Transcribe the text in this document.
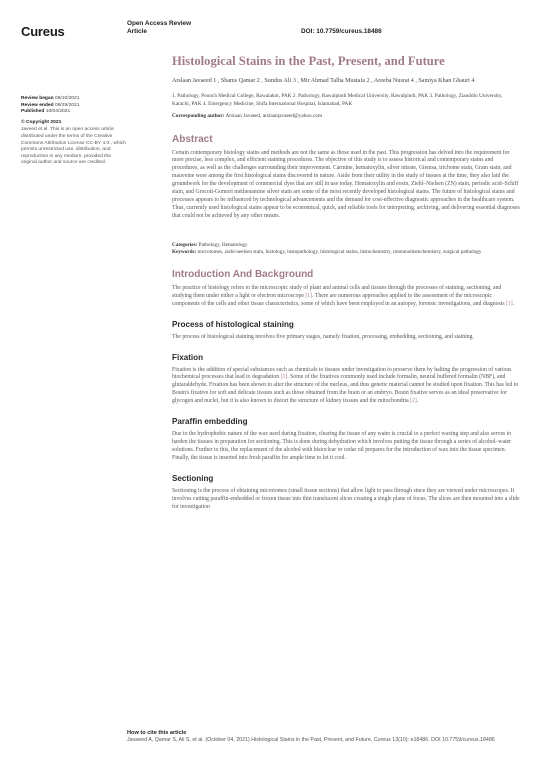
Cureus
Open Access Review
Article	DOI: 10.7759/cureus.18486
Review began 09/10/2021
Review ended 09/29/2021
Published 10/04/2021
© Copyright 2021
Javeed et al. This is an open access article distributed under the terms of the Creative Commons Attribution License CC-BY 4.0., which permits unrestricted use, distribution, and reproduction in any medium, provided the original author and source are credited.
Histological Stains in the Past, Present, and Future
Arslaan Javaeed 1 , Shams Qamar 2 , Sundus Ali 3 , Mir Ahmad Talha Mustafa 2 , Areeba Nusrat 4 , Samiya Khan Ghauri 4
1. Pathology, Poonch Medical College, Rawalakot, PAK 2. Pathology, Rawalpindi Medical University, Rawalpindi, PAK 3. Pathology, Ziauddin University, Karachi, PAK 4. Emergency Medicine, Shifa International Hospital, Islamabad, PAK
Corresponding author: Arslaan Javaeed, arslaanjavaeed@yahoo.com
Abstract

Certain contemporary histology stains and methods are not the same as those used in the past. This progression has delved into the requirement for more precise, less complex, and efficient staining procedures. The objective of this study is to assess historical and contemporary stains and procedures, as well as the challenges surrounding their improvement. Carmine, hematoxylin, silver nitrate, Giemsa, trichome stain, Gram stain, and mauveine were among the first histological stains discovered in nature. Aside from their utility in the study of tissues at the time, they also laid the groundwork for the development of commercial dyes that are still in use today. Hematoxylin and eosin, Ziehl–Nielsen (ZN) stain, periodic acid–Schiff stain, and Grocott-Gomori methenamine silver stain are some of the most recently developed histological stains. The future of histological stains and processes appears to be influenced by technological advancements and the demand for cost-effective diagnostic approaches in the healthcare system. Thus, currently used histological stains appear to be economical, quick, and reliable tools for interpreting, archiving, and delivering essential diagnoses that could not be achieved by any other means.

Categories: Pathology, Hematology
Keywords: microtomes, ziehl-neelsen stain, histology, histopathology, histological stains, histochemistry, immunohistochemistry, surgical pathology
Introduction And Background

The practice of histology refers to the microscopic study of plant and animal cells and tissues through the processes of staining, sectioning, and studying them under either a light or electron microscope [1]. There are numerous approaches applied to the assessment of the microscopic components of the cells and other tissue characteristics, some of which have been employed in an autopsy, forensic investigations, and diagnosis [1].

Process of histological staining

The process of histological staining involves five primary stages, namely fixation, processing, embedding, sectioning, and staining.

Fixation

Fixation is the addition of special substances such as chemicals to tissues under investigation to preserve them by halting the progression of various biochemical processes that lead to degradation [1]. Some of the fixatives commonly used include formalin, neutral buffered formalin (NBF), and glutaraldehyde. Fixation has been shown to alter the structure of the nucleus, and thus genetic material cannot be studied upon fixation. This has led to Bouin's fixative for soft and delicate tissues such as those obtained from the brain or an embryo. Bouin fixative serves as an ideal preservative for glycogen and nuclei, but it is also known to distort the structure of kidney tissues and the mitochondria [2].

Paraffin embedding

Due to the hydrophobic nature of the wax used during fixation, clearing the tissue of any water is crucial to a perfect waxing step and also serves to harden the tissues in preparation for sectioning. This is done during dehydration which involves putting the tissue through a series of alcohol–water solutions. Further to this, the replacement of the alcohol with histoclear or cedar oil prepares for the introduction of wax into the tissue specimen. Finally, the tissue is inserted into fresh paraffin for ample time to let it cool.

Sectioning

Sectioning is the process of obtaining microtomes (small tissue sections) that allow light to pass through since they are viewed under microscopes. It involves cutting paraffin-embedded or frozen tissue into thin translucent slices creating a single plane of focus. The slices are then mounted into a slide for investigation

How to cite this article
Javaeed A, Qamar S, Ali S, et al. (October 04, 2021) Histological Stains in the Past, Present, and Future. Cureus 13(10): e18486. DOI 10.7759/cureus.18486
